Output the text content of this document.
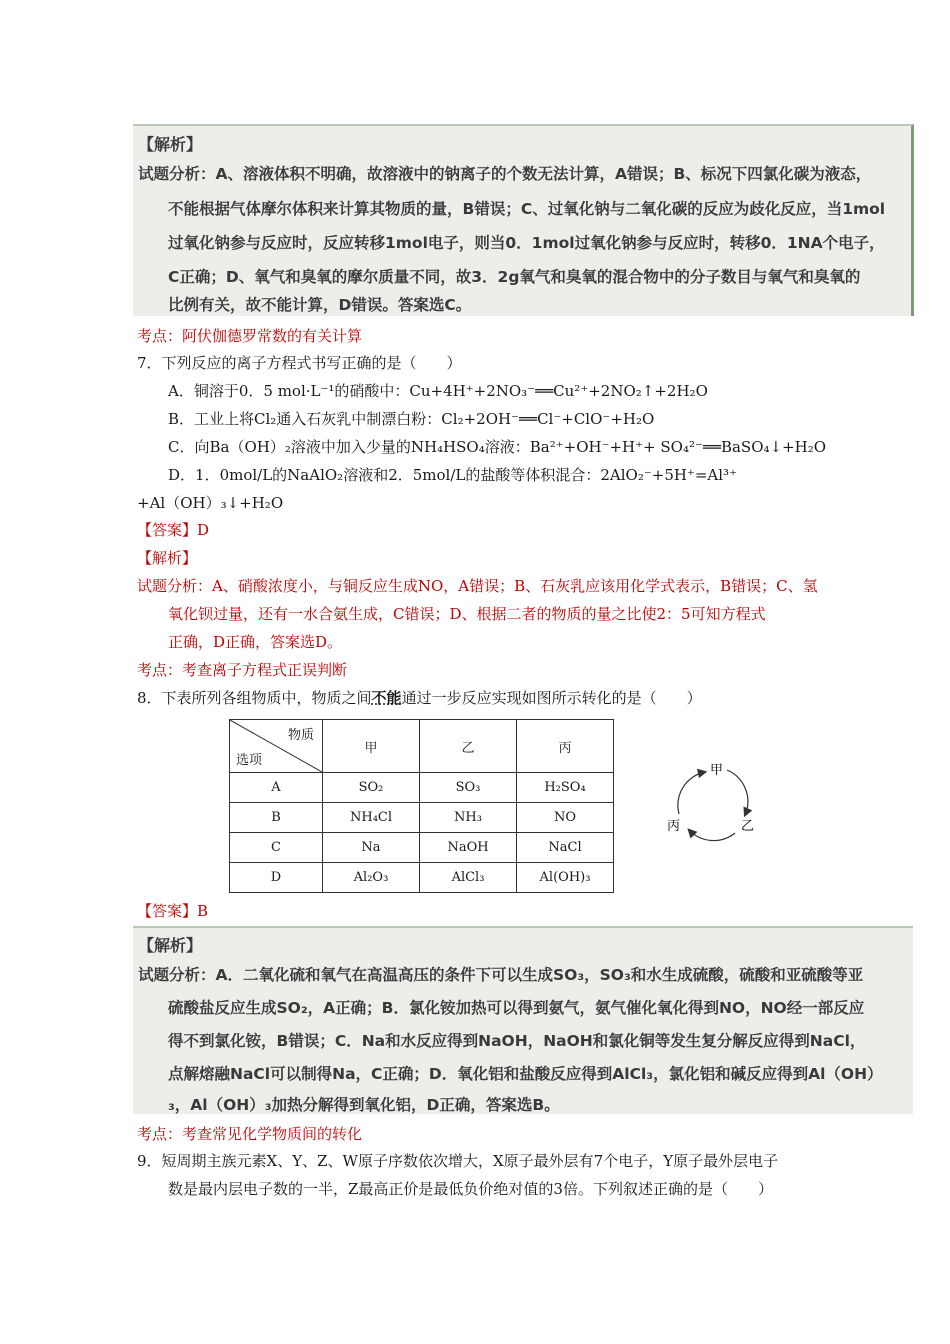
【解析】
试题分析：A、溶液体积不明确，故溶液中的钠离子的个数无法计算，A错误；B、标况下四氯化碳为液态，
不能根据气体摩尔体积来计算其物质的量，B错误；C、过氧化钠与二氧化碳的反应为歧化反应，当1mol
过氧化钠参与反应时，反应转移1mol电子，则当0．1mol过氧化钠参与反应时，转移0．1NA个电子，
C正确；D、氧气和臭氧的摩尔质量不同，故3．2g氧气和臭氧的混合物中的分子数目与氧气和臭氧的
比例有关，故不能计算，D错误。答案选C。
考点：阿伏伽德罗常数的有关计算
7．下列反应的离子方程式书写正确的是（　　）
A．铜溶于0．5 mol·L⁻¹的硝酸中：Cu+4H⁺+2NO₃⁻══Cu²⁺+2NO₂↑+2H₂O
B．工业上将Cl₂通入石灰乳中制漂白粉：Cl₂+2OH⁻══Cl⁻+ClO⁻+H₂O
C．向Ba（OH）₂溶液中加入少量的NH₄HSO₄溶液：Ba²⁺+OH⁻+H⁺+ SO₄²⁻══BaSO₄↓+H₂O
D．1．0mol/L的NaAlO₂溶液和2．5mol/L的盐酸等体积混合：2AlO₂⁻+5H⁺=Al³⁺
+Al（OH）₃↓+H₂O
【答案】D
【解析】
试题分析：A、硝酸浓度小，与铜反应生成NO，A错误；B、石灰乳应该用化学式表示，B错误；C、氢
氧化钡过量，还有一水合氨生成，C错误；D、根据二者的物质的量之比使2：5可知方程式
正确，D正确，答案选D。
考点：考查离子方程式正误判断
8．下表所列各组物质中，物质之间不能通过一步反应实现如图所示转化的是（　　）
物质
选项	甲	乙	丙
A	SO₂	SO₃	H₂SO₄
B	NH₄Cl	NH₃	NO
C	Na	NaOH	NaCl
D	Al₂O₃	AlCl₃	Al(OH)₃
甲
乙
丙
【答案】B
【解析】
试题分析：A．二氧化硫和氧气在高温高压的条件下可以生成SO₃，SO₃和水生成硫酸，硫酸和亚硫酸等亚
硫酸盐反应生成SO₂，A正确；B．氯化铵加热可以得到氨气，氨气催化氧化得到NO，NO经一部反应
得不到氯化铵，B错误；C．Na和水反应得到NaOH，NaOH和氯化铜等发生复分解反应得到NaCl，
点解熔融NaCl可以制得Na，C正确；D．氧化铝和盐酸反应得到AlCl₃，氯化铝和碱反应得到Al（OH）
₃，Al（OH）₃加热分解得到氧化铝，D正确，答案选B。
考点：考查常见化学物质间的转化
9．短周期主族元素X、Y、Z、W原子序数依次增大，X原子最外层有7个电子，Y原子最外层电子
数是最内层电子数的一半，Z最高正价是最低负价绝对值的3倍。下列叙述正确的是（　　）
